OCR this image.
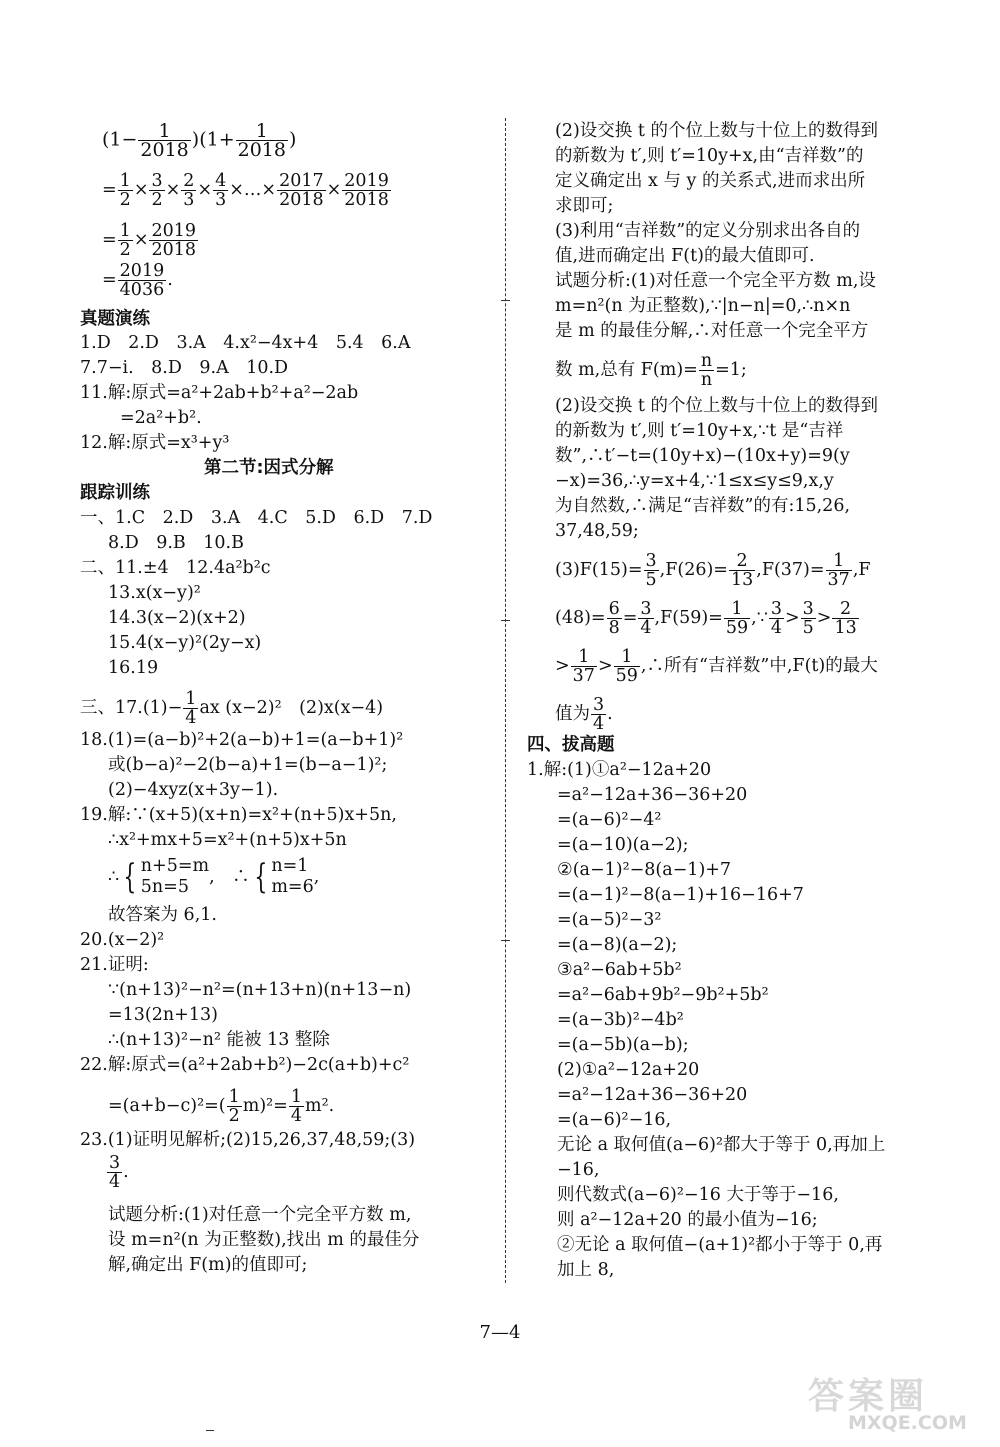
$(1- \frac{1}{2018} )(1+ \frac{1}{2018}$ )
= $\frac{1}{2} \times \frac{3}{2} \times \frac{2}{3} \times \frac{4}{3}$ ×…× $\frac{2017}{2018} \times \frac{2019}{2018}$
= $\frac{1}{2} \times \frac{2019}{2018}$
= $\frac{2019}{4036}$ .
真题演练
1.D　2.D　3.A　4.x²−4x+4　5.4　6.A
7.7−i.　8.D　9.A　10.D
11.解:原式=a²+2ab+b²+a²−2ab
=2a²+b².
12.解:原式=x³+y³
第二节:因式分解
跟踪训练
一、1.C　2.D　3.A　4.C　5.D　6.D　7.D
8.D　9.B　10.B
二、11.±4　12.4a²b²c
13.x(x−y)²
14.3(x−2)(x+2)
15.4(x−y)²(2y−x)
16.19
三、$17.(1)- \frac{1}{4}$ ax (x−2)²　(2)x(x−4)
18.(1)=(a−b)²+2(a−b)+1=(a−b+1)²
或(b−a)²−2(b−a)+1=(b−a−1)²;
(2)−4xyz(x+3y−1).
19.解:∵(x+5)(x+n)=x²+(n+5)x+5n,
∴x²+mx+5=x²+(n+5)x+5n
∴ { n+5=m
5n=5	,　∴ { n=1
m=6 ,
故答案为 6,1.
20.(x−2)²
21.证明:
∵(n+13)²−n²=(n+13+n)(n+13−n)
=13(2n+13)
∴(n+13)²−n² 能被 13 整除
22.解:原式=(a²+2ab+b²)−2c(a+b)+c²
$=(a+b-c)^2=( \frac{1}{2} m)^2= \frac{1}{4} m^2$.
23.(1)证明见解析;(2)15,26,37,48,59;(3)
$\frac{3}{4}$ .
试题分析:(1)对任意一个完全平方数 m,
设 m=n²(n 为正整数),找出 m 的最佳分
解,确定出 F(m)的值即可;
(2)设交换 t 的个位上数与十位上的数得到
的新数为 t′,则 t′=10y+x,由“吉祥数”的
定义确定出 x 与 y 的关系式,进而求出所
求即可;
(3)利用“吉祥数”的定义分别求出各自的
值,进而确定出 F(t)的最大值即可.
试题分析:(1)对任意一个完全平方数 m,设
m=n²(n 为正整数),∵|n−n|=0,∴n×n
是 m 的最佳分解,∴对任意一个完全平方
数 m,总有 $F(m)= \frac{n}{n} =1$;
(2)设交换 t 的个位上数与十位上的数得到
的新数为 t′,则 t′=10y+x,∵t 是“吉祥
数”,∴t′−t=(10y+x)−(10x+y)=9(y
−x)=36,∴y=x+4,∵1≤x≤y≤9,x,y
为自然数,∴满足“吉祥数”的有:15,26,
37,48,59;
$(3)F(15)= \frac{3}{5} ,F(26)= \frac{2}{13} ,F(37)= \frac{1}{37} ,F$
$(48)= \frac{6}{8} = \frac{3}{4} ,F(59)= \frac{1}{59}$ ,∵ $\frac{3}{4} > \frac{3}{5} > \frac{2}{13}$
> $\frac{1}{37} > \frac{1}{59}$ ,∴所有“吉祥数”中,F(t)的最大
值为 $\frac{3}{4}$ .
四、拔高题
1.解:(1)①a²−12a+20
=a²−12a+36−36+20
=(a−6)²−4²
=(a−10)(a−2);
②(a−1)²−8(a−1)+7
=(a−1)²−8(a−1)+16−16+7
=(a−5)²−3²
=(a−8)(a−2);
③a²−6ab+5b²
=a²−6ab+9b²−9b²+5b²
=(a−3b)²−4b²
=(a−5b)(a−b);
(2)①a²−12a+20
=a²−12a+36−36+20
=(a−6)²−16,
无论 a 取何值(a−6)²都大于等于 0,再加上
−16,
则代数式(a−6)²−16 大于等于−16,
则 a²−12a+20 的最小值为−16;
②无论 a 取何值−(a+1)²都小于等于 0,再
加上 8,
7—4
答案圈
MXQE.COM
